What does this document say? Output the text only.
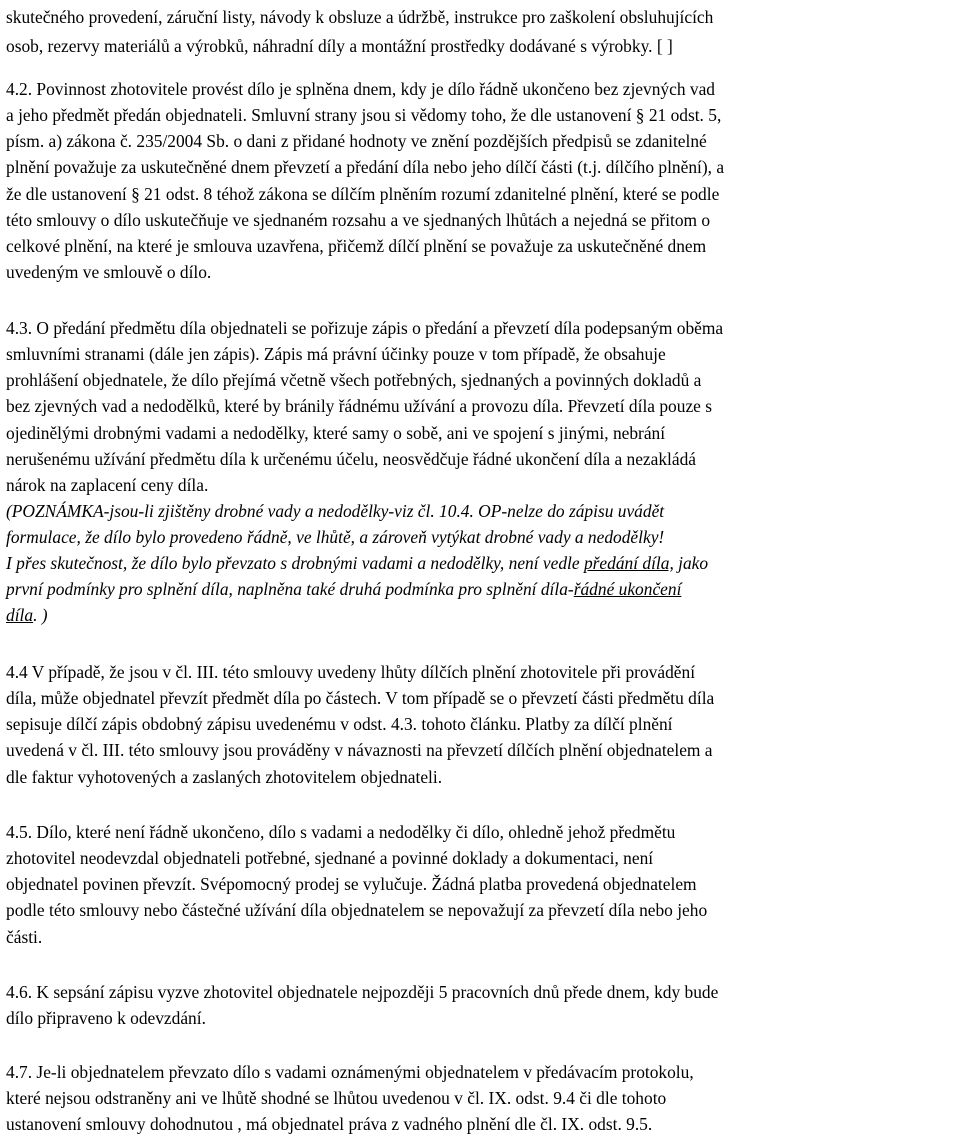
skutečného provedení, záruční listy, návody k obsluze a údržbě, instrukce pro zaškolení obsluhujících
osob, rezervy materiálů a výrobků, náhradní díly a montážní prostředky dodávané s výrobky. [ ]
4.2. Povinnost zhotovitele provést dílo je splněna dnem, kdy je dílo řádně ukončeno bez zjevných vad
a jeho předmět předán objednateli. Smluvní strany jsou si vědomy toho, že dle ustanovení § 21 odst. 5,
písm. a) zákona č. 235/2004 Sb. o dani z přidané hodnoty ve znění pozdějších předpisů se zdanitelné
plnění považuje za uskutečněné dnem převzetí a předání díla nebo jeho dílčí části (t.j. dílčího plnění), a
že dle ustanovení § 21 odst. 8 téhož zákona se dílčím plněním rozumí zdanitelné plnění, které se podle
této smlouvy o dílo uskutečňuje ve sjednaném rozsahu a ve sjednaných lhůtách a nejedná se přitom o
celkové plnění, na které je smlouva uzavřena, přičemž dílčí plnění se považuje za uskutečněné dnem
uvedeným ve smlouvě o dílo.
4.3. O předání předmětu díla objednateli se pořizuje zápis o předání a převzetí díla podepsaným oběma
smluvními stranami (dále jen zápis). Zápis má právní účinky pouze v tom případě, že obsahuje
prohlášení objednatele, že dílo přejímá včetně všech potřebných, sjednaných a povinných dokladů a
bez zjevných vad a nedodělků, které by bránily řádnému užívání a provozu díla. Převzetí díla pouze s
ojedinělými drobnými vadami a nedodělky, které samy o sobě, ani ve spojení s jinými, nebrání
nerušenému užívání předmětu díla k určenému účelu, neosvědčuje řádné ukončení díla a nezakládá
nárok na zaplacení ceny díla.
(POZNÁMKA-jsou-li zjištěny drobné vady a nedodělky-viz čl. 10.4. OP-nelze do zápisu uvádět
formulace, že dílo bylo provedeno řádně, ve lhůtě, a zároveň vytýkat drobné vady a nedodělky!
I přes skutečnost, že dílo bylo převzato s drobnými vadami a nedodělky, není vedle předání díla, jako
první podmínky pro splnění díla, naplněna také druhá podmínka pro splnění díla-řádné ukončení
díla. )
4.4 V případě, že jsou v čl. III. této smlouvy uvedeny lhůty dílčích plnění zhotovitele při provádění
díla, může objednatel převzít předmět díla po částech. V tom případě se o převzetí části předmětu díla
sepisuje dílčí zápis obdobný zápisu uvedenému v odst. 4.3. tohoto článku. Platby za dílčí plnění
uvedená v čl. III. této smlouvy jsou prováděny v návaznosti na převzetí dílčích plnění objednatelem a
dle faktur vyhotovených a zaslaných zhotovitelem objednateli.
4.5. Dílo, které není řádně ukončeno, dílo s vadami a nedodělky či dílo, ohledně jehož předmětu
zhotovitel neodevzdal objednateli potřebné, sjednané a povinné doklady a dokumentaci, není
objednatel povinen převzít. Svépomocný prodej se vylučuje. Žádná platba provedená objednatelem
podle této smlouvy nebo částečné užívání díla objednatelem se nepovažují za převzetí díla nebo jeho
části.
4.6. K sepsání zápisu vyzve zhotovitel objednatele nejpozději 5 pracovních dnů přede dnem, kdy bude
dílo připraveno k odevzdání.
4.7. Je-li objednatelem převzato dílo s vadami oznámenými objednatelem v předávacím protokolu,
které nejsou odstraněny ani ve lhůtě shodné se lhůtou uvedenou v čl. IX. odst. 9.4 či dle tohoto
ustanovení smlouvy dohodnutou , má objednatel práva z vadného plnění dle čl. IX. odst. 9.5.
